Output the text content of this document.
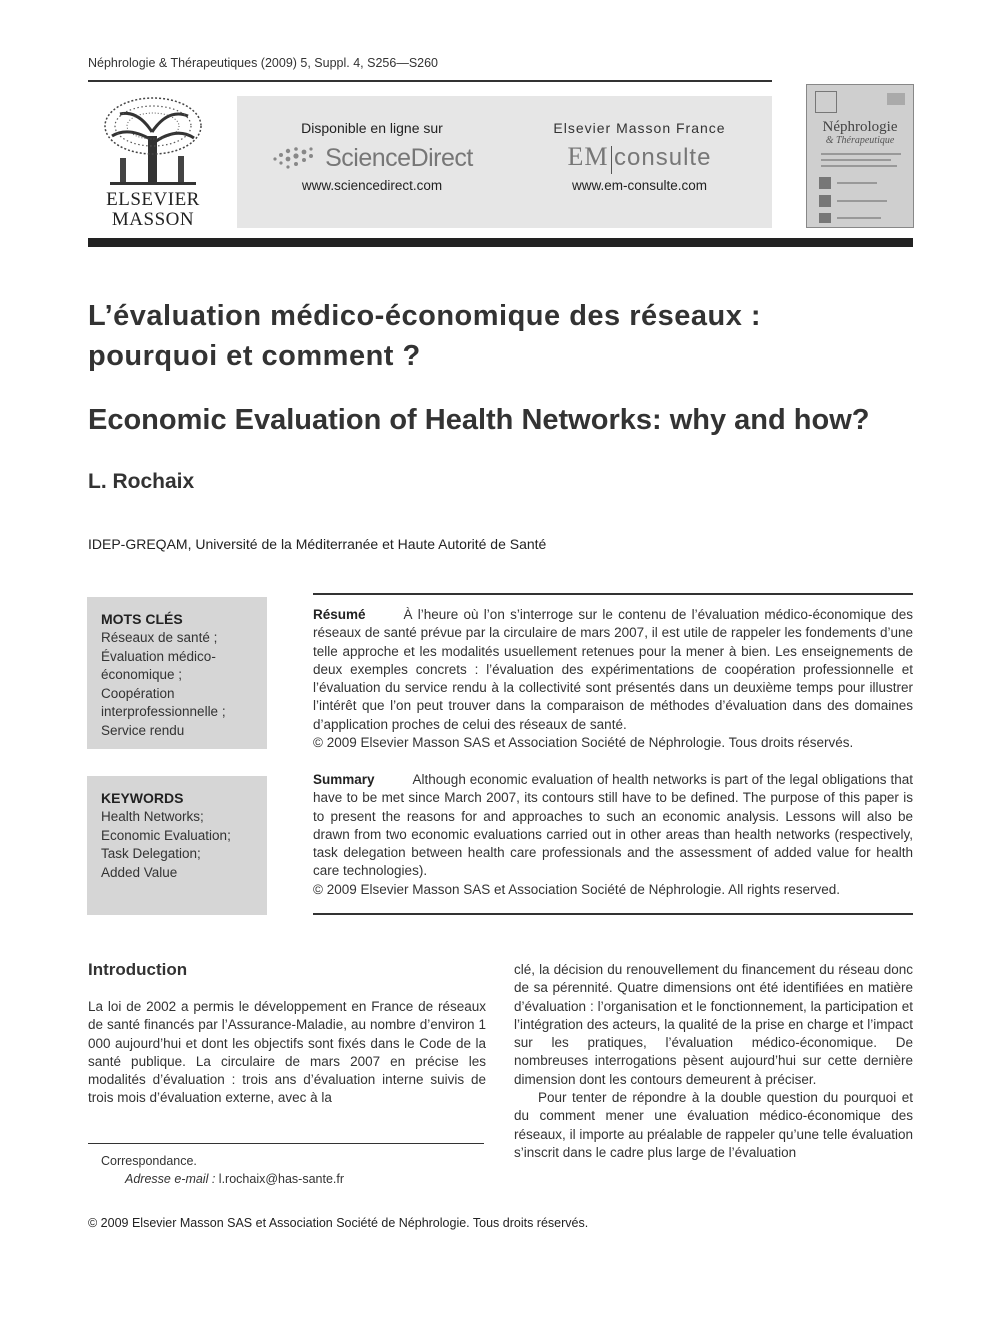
Néphrologie & Thérapeutiques (2009) 5, Suppl. 4, S256—S260
ELSEVIER
MASSON
Disponible en ligne sur
ScienceDirect
www.sciencedirect.com
Elsevier Masson France
EM consulte
www.em-consulte.com
Néphrologie
& Thérapeutique
L’évaluation médico-économique des réseaux :
pourquoi et comment ?
Economic Evaluation of Health Networks: why and how?
L. Rochaix
IDEP-GREQAM, Université de la Méditerranée et Haute Autorité de Santé
MOTS CLÉS
Réseaux de santé ;
Évaluation médico-
économique ;
Coopération
interprofessionnelle ;
Service rendu
KEYWORDS
Health Networks;
Economic Evaluation;
Task Delegation;
Added Value
Résumé	À l’heure où l’on s’interroge sur le contenu de l’évaluation médico-économique des réseaux de santé prévue par la circulaire de mars 2007, il est utile de rappeler les fondements d’une telle approche et les modalités usuellement retenues pour la mener à bien. Les enseignements de deux exemples concrets : l’évaluation des expérimentations de coopération professionnelle et l’évaluation du service rendu à la collectivité sont présentés dans un deuxième temps pour illustrer l’intérêt que l’on peut trouver dans la comparaison de méthodes d’évaluation dans des domaines d’application proches de celui des réseaux de santé.
© 2009 Elsevier Masson SAS et Association Société de Néphrologie. Tous droits réservés.
Summary	Although economic evaluation of health networks is part of the legal obligations that have to be met since March 2007, its contours still have to be defined. The purpose of this paper is to present the reasons for and approaches to such an economic analysis. Lessons will also be drawn from two economic evaluations carried out in other areas than health networks (respectively, task delegation between health care professionals and the assessment of added value for health care technologies).
© 2009 Elsevier Masson SAS et Association Société de Néphrologie. All rights reserved.
Introduction

La loi de 2002 a permis le développement en France de réseaux de santé financés par l’Assurance-Maladie, au nombre d’environ 1 000 aujourd’hui et dont les objectifs sont fixés dans le Code de la santé publique. La circulaire de mars 2007 en précise les modalités d’évaluation : trois ans d’évaluation interne suivis de trois mois d’évaluation externe, avec à la

clé, la décision du renouvellement du financement du réseau donc de sa pérennité. Quatre dimensions ont été identifiées en matière d’évaluation : l’organisation et le fonctionnement, la participation et l’intégration des acteurs, la qualité de la prise en charge et l’impact sur les pratiques, l’évaluation médico-économique. De nombreuses interrogations pèsent aujourd’hui sur cette dernière dimension dont les contours demeurent à préciser.

Pour tenter de répondre à la double question du pourquoi et du comment mener une évaluation médico-économique des réseaux, il importe au préalable de rappeler qu’une telle évaluation s’inscrit dans le cadre plus large de l’évaluation

Correspondance.
Adresse e-mail : l.rochaix@has-sante.fr
© 2009 Elsevier Masson SAS et Association Société de Néphrologie. Tous droits réservés.
